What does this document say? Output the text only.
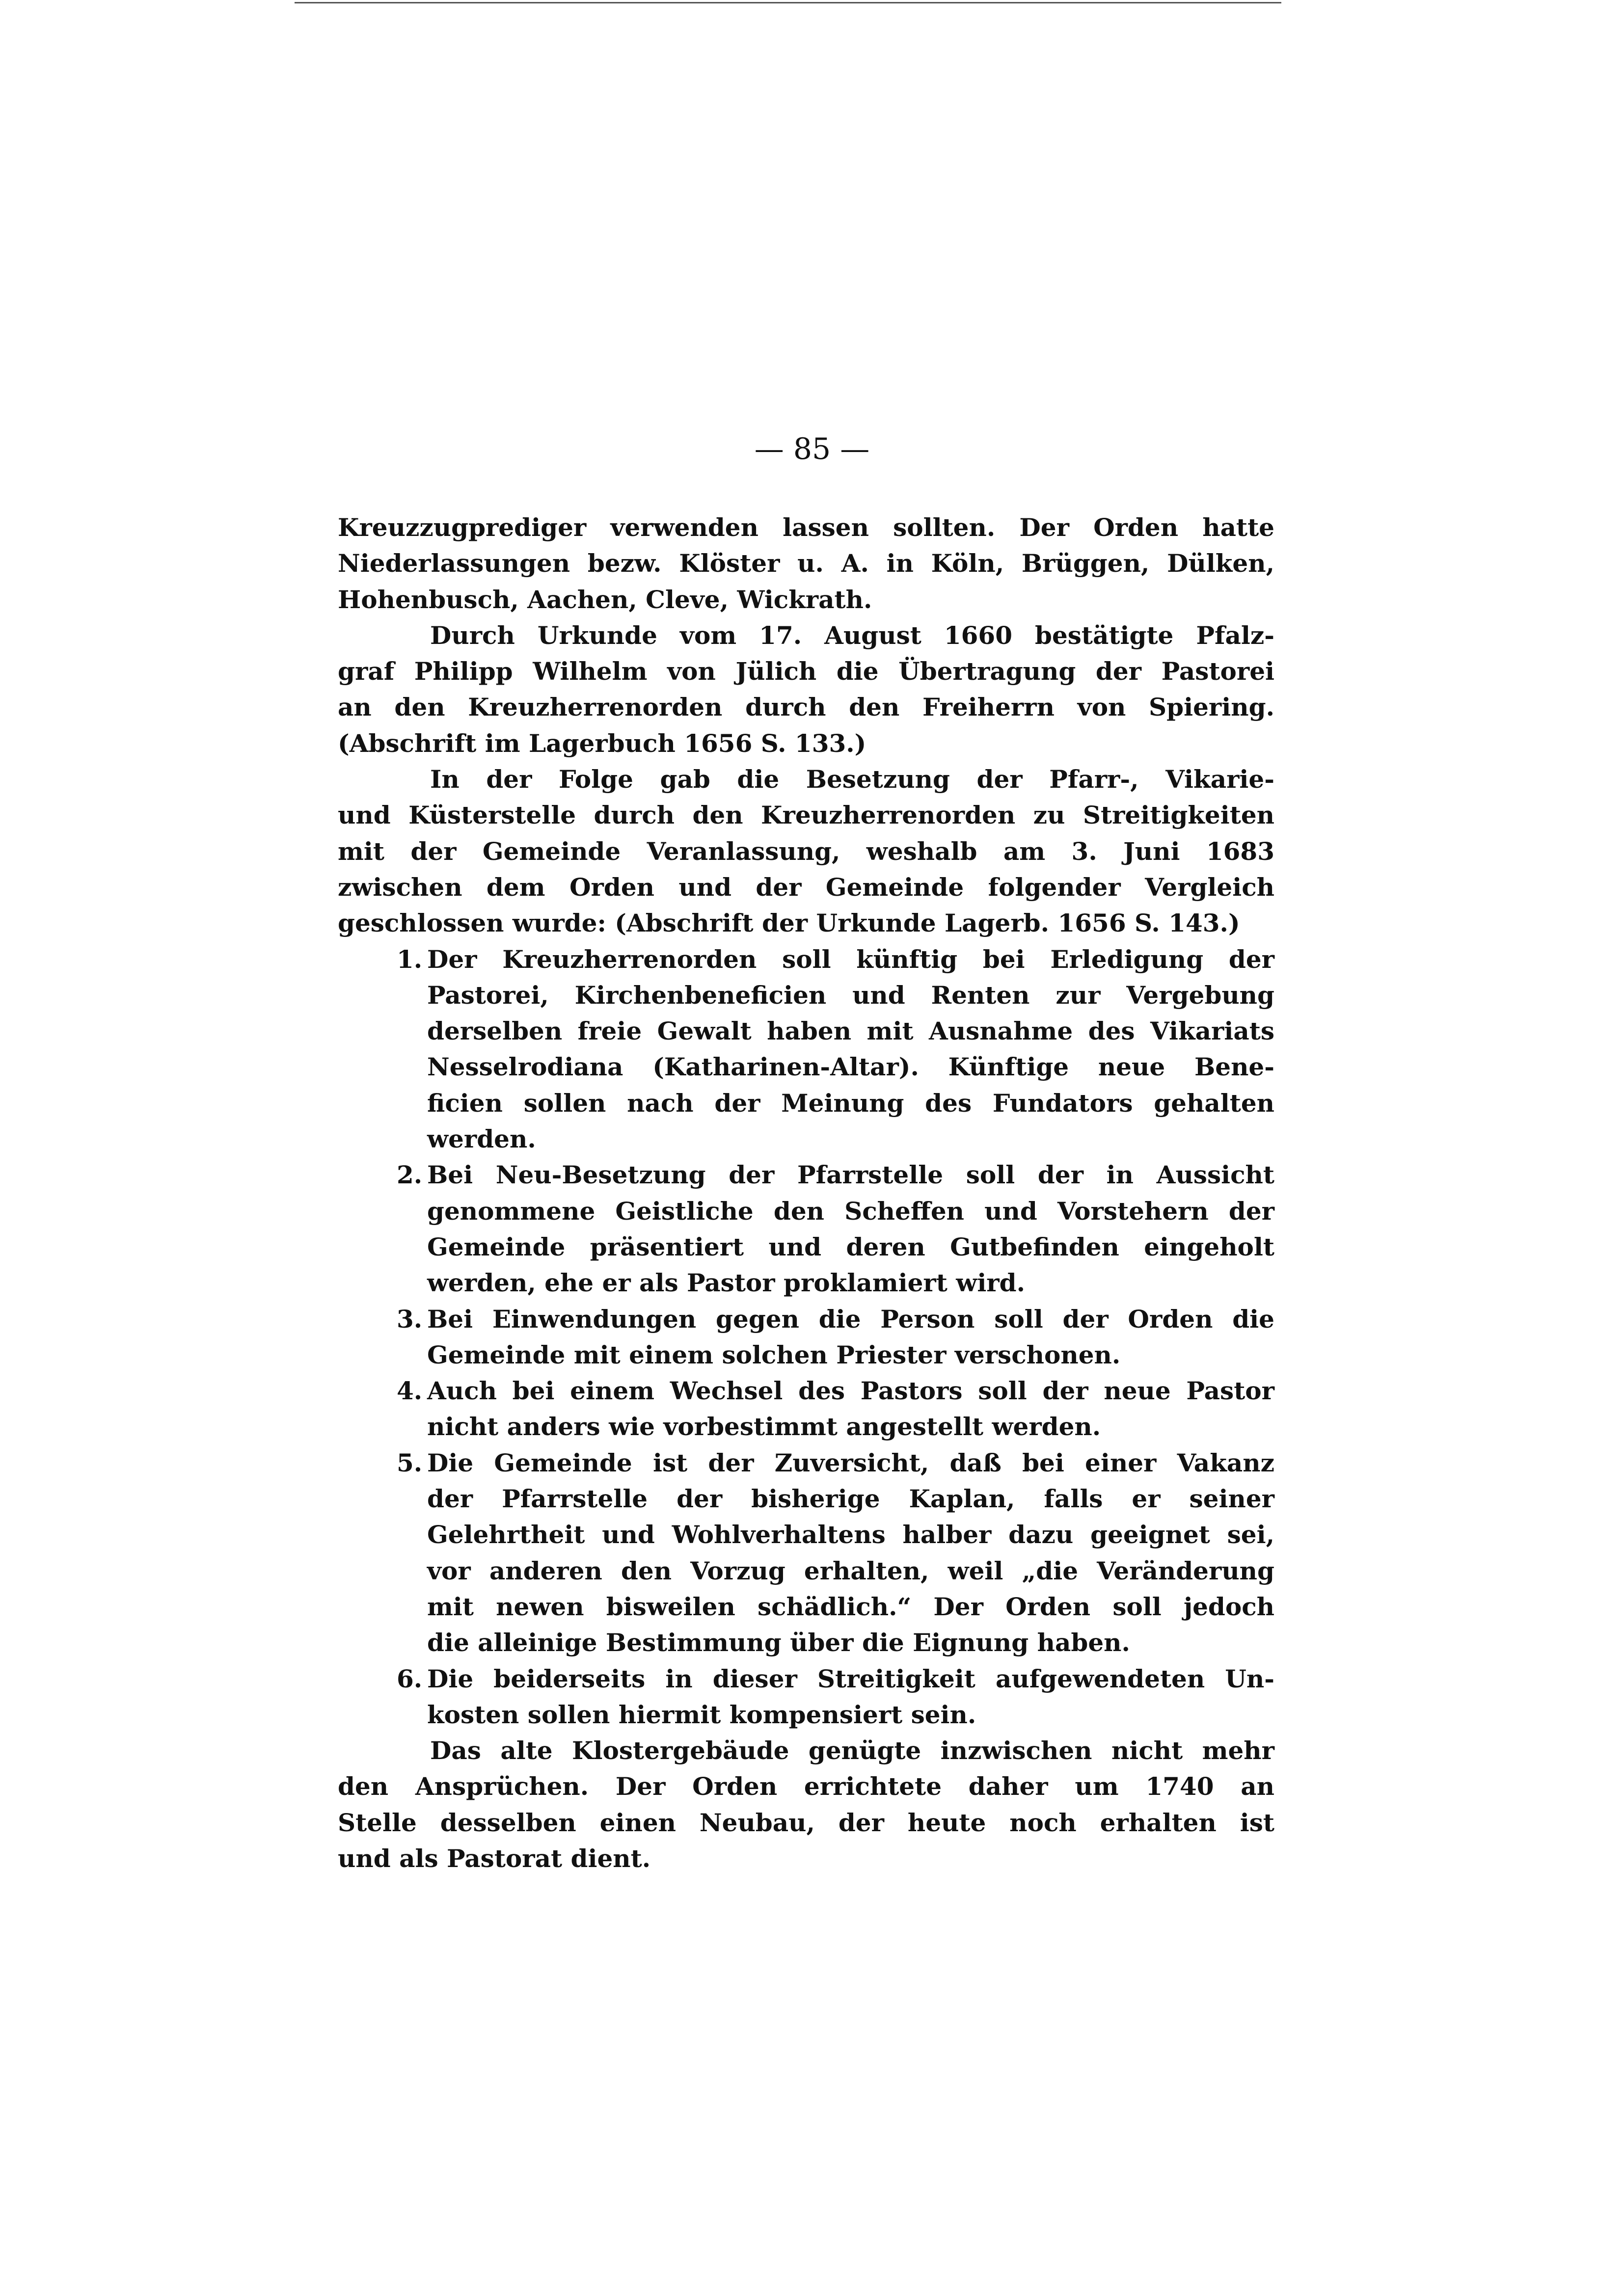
— 85 —
Kreuzzugprediger verwenden lassen sollten. Der Orden hatte
Niederlassungen bezw. Klöster u. A. in Köln, Brüggen, Dülken,
Hohenbusch, Aachen, Cleve, Wickrath.
Durch Urkunde vom 17. August 1660 bestätigte Pfalz-
graf Philipp Wilhelm von Jülich die Übertragung der Pastorei
an den Kreuzherrenorden durch den Freiherrn von Spiering.
(Abschrift im Lagerbuch 1656 S. 133.)
In der Folge gab die Besetzung der Pfarr-, Vikarie-
und Küsterstelle durch den Kreuzherrenorden zu Streitigkeiten
mit der Gemeinde Veranlassung, weshalb am 3. Juni 1683
zwischen dem Orden und der Gemeinde folgender Vergleich
geschlossen wurde: (Abschrift der Urkunde Lagerb. 1656 S. 143.)
1. Der Kreuzherrenorden soll künftig bei Erledigung der
Pastorei, Kirchenbeneficien und Renten zur Vergebung
derselben freie Gewalt haben mit Ausnahme des Vikariats
Nesselrodiana (Katharinen-Altar). Künftige neue Bene-
ficien sollen nach der Meinung des Fundators gehalten
werden.
2. Bei Neu-Besetzung der Pfarrstelle soll der in Aussicht
genommene Geistliche den Scheffen und Vorstehern der
Gemeinde präsentiert und deren Gutbefinden eingeholt
werden, ehe er als Pastor proklamiert wird.
3. Bei Einwendungen gegen die Person soll der Orden die
Gemeinde mit einem solchen Priester verschonen.
4. Auch bei einem Wechsel des Pastors soll der neue Pastor
nicht anders wie vorbestimmt angestellt werden.
5. Die Gemeinde ist der Zuversicht, daß bei einer Vakanz
der Pfarrstelle der bisherige Kaplan, falls er seiner
Gelehrtheit und Wohlverhaltens halber dazu geeignet sei,
vor anderen den Vorzug erhalten, weil „die Veränderung
mit newen bisweilen schädlich.“ Der Orden soll jedoch
die alleinige Bestimmung über die Eignung haben.
6. Die beiderseits in dieser Streitigkeit aufgewendeten Un-
kosten sollen hiermit kompensiert sein.
Das alte Klostergebäude genügte inzwischen nicht mehr
den Ansprüchen. Der Orden errichtete daher um 1740 an
Stelle desselben einen Neubau, der heute noch erhalten ist
und als Pastorat dient.
